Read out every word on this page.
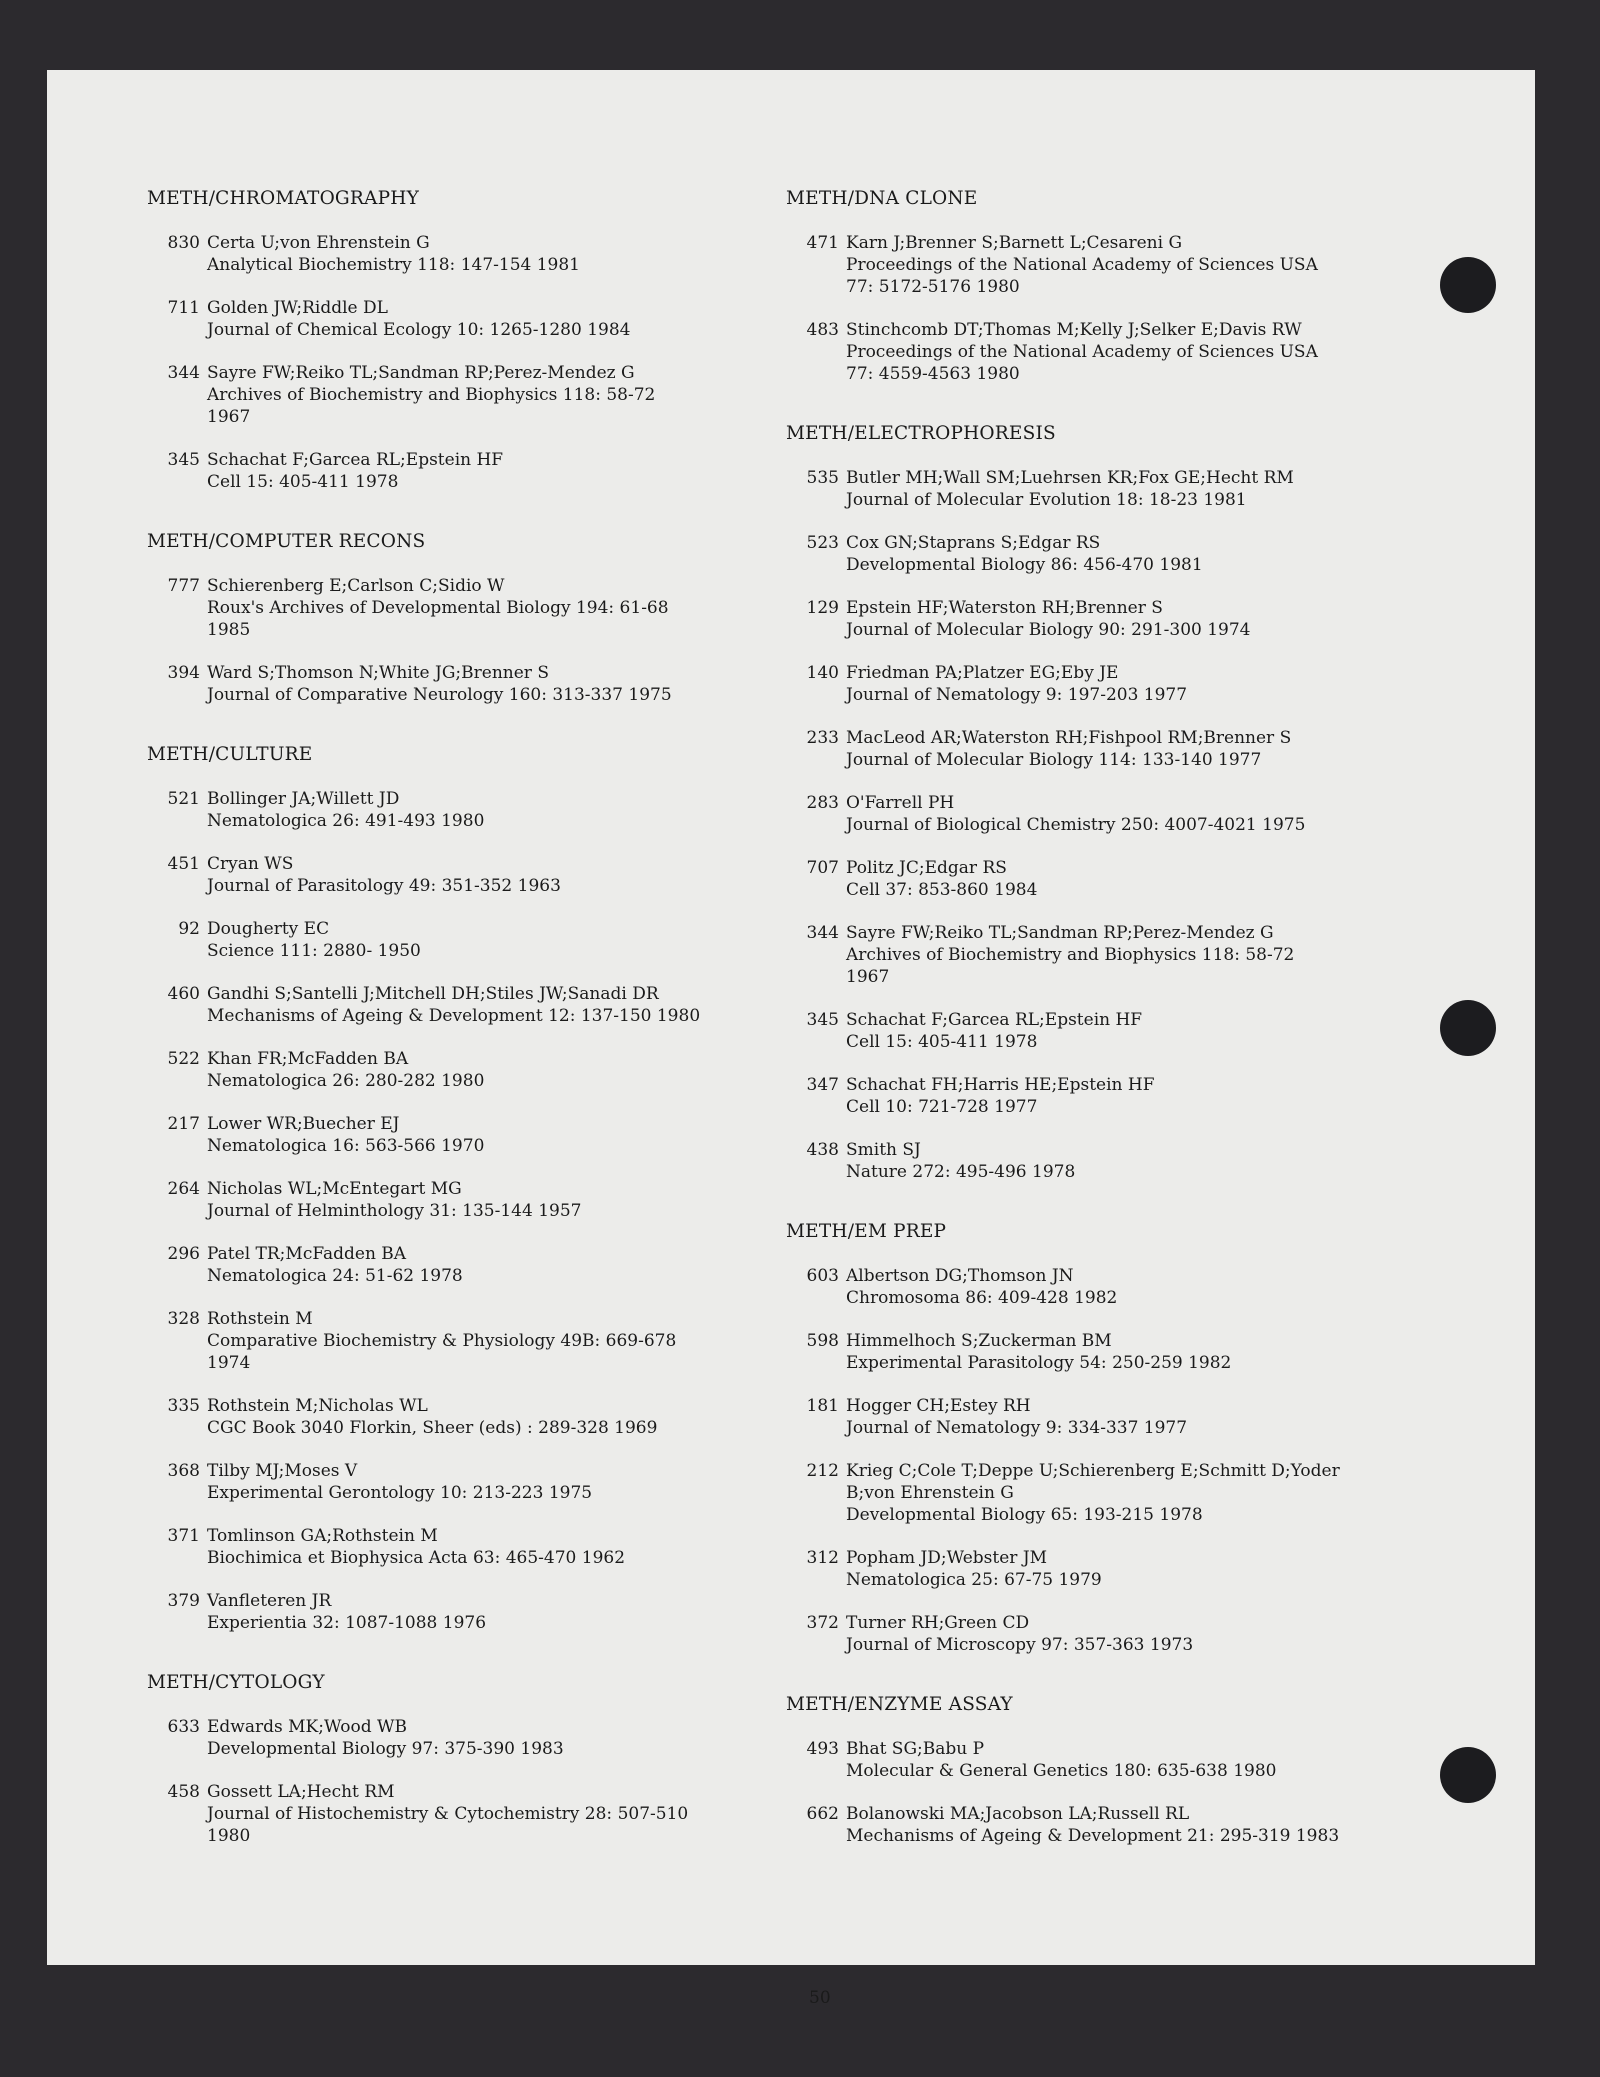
METH/CHROMATOGRAPHY
830 Certa U;von Ehrenstein G
Analytical Biochemistry 118: 147-154 1981
711 Golden JW;Riddle DL
Journal of Chemical Ecology 10: 1265-1280 1984
344 Sayre FW;Reiko TL;Sandman RP;Perez-Mendez G
Archives of Biochemistry and Biophysics 118: 58-72
1967
345 Schachat F;Garcea RL;Epstein HF
Cell 15: 405-411 1978
METH/COMPUTER RECONS
777 Schierenberg E;Carlson C;Sidio W
Roux's Archives of Developmental Biology 194: 61-68
1985
394 Ward S;Thomson N;White JG;Brenner S
Journal of Comparative Neurology 160: 313-337 1975
METH/CULTURE
521 Bollinger JA;Willett JD
Nematologica 26: 491-493 1980
451 Cryan WS
Journal of Parasitology 49: 351-352 1963
92 Dougherty EC
Science 111: 2880- 1950
460 Gandhi S;Santelli J;Mitchell DH;Stiles JW;Sanadi DR
Mechanisms of Ageing & Development 12: 137-150 1980
522 Khan FR;McFadden BA
Nematologica 26: 280-282 1980
217 Lower WR;Buecher EJ
Nematologica 16: 563-566 1970
264 Nicholas WL;McEntegart MG
Journal of Helminthology 31: 135-144 1957
296 Patel TR;McFadden BA
Nematologica 24: 51-62 1978
328 Rothstein M
Comparative Biochemistry & Physiology 49B: 669-678
1974
335 Rothstein M;Nicholas WL
CGC Book 3040 Florkin, Sheer (eds) : 289-328 1969
368 Tilby MJ;Moses V
Experimental Gerontology 10: 213-223 1975
371 Tomlinson GA;Rothstein M
Biochimica et Biophysica Acta 63: 465-470 1962
379 Vanfleteren JR
Experientia 32: 1087-1088 1976
METH/CYTOLOGY
633 Edwards MK;Wood WB
Developmental Biology 97: 375-390 1983
458 Gossett LA;Hecht RM
Journal of Histochemistry & Cytochemistry 28: 507-510
1980
METH/DNA CLONE
471 Karn J;Brenner S;Barnett L;Cesareni G
Proceedings of the National Academy of Sciences USA
77: 5172-5176 1980
483 Stinchcomb DT;Thomas M;Kelly J;Selker E;Davis RW
Proceedings of the National Academy of Sciences USA
77: 4559-4563 1980
METH/ELECTROPHORESIS
535 Butler MH;Wall SM;Luehrsen KR;Fox GE;Hecht RM
Journal of Molecular Evolution 18: 18-23 1981
523 Cox GN;Staprans S;Edgar RS
Developmental Biology 86: 456-470 1981
129 Epstein HF;Waterston RH;Brenner S
Journal of Molecular Biology 90: 291-300 1974
140 Friedman PA;Platzer EG;Eby JE
Journal of Nematology 9: 197-203 1977
233 MacLeod AR;Waterston RH;Fishpool RM;Brenner S
Journal of Molecular Biology 114: 133-140 1977
283 O'Farrell PH
Journal of Biological Chemistry 250: 4007-4021 1975
707 Politz JC;Edgar RS
Cell 37: 853-860 1984
344 Sayre FW;Reiko TL;Sandman RP;Perez-Mendez G
Archives of Biochemistry and Biophysics 118: 58-72
1967
345 Schachat F;Garcea RL;Epstein HF
Cell 15: 405-411 1978
347 Schachat FH;Harris HE;Epstein HF
Cell 10: 721-728 1977
438 Smith SJ
Nature 272: 495-496 1978
METH/EM PREP
603 Albertson DG;Thomson JN
Chromosoma 86: 409-428 1982
598 Himmelhoch S;Zuckerman BM
Experimental Parasitology 54: 250-259 1982
181 Hogger CH;Estey RH
Journal of Nematology 9: 334-337 1977
212 Krieg C;Cole T;Deppe U;Schierenberg E;Schmitt D;Yoder
B;von Ehrenstein G
Developmental Biology 65: 193-215 1978
312 Popham JD;Webster JM
Nematologica 25: 67-75 1979
372 Turner RH;Green CD
Journal of Microscopy 97: 357-363 1973
METH/ENZYME ASSAY
493 Bhat SG;Babu P
Molecular & General Genetics 180: 635-638 1980
662 Bolanowski MA;Jacobson LA;Russell RL
Mechanisms of Ageing & Development 21: 295-319 1983
50
